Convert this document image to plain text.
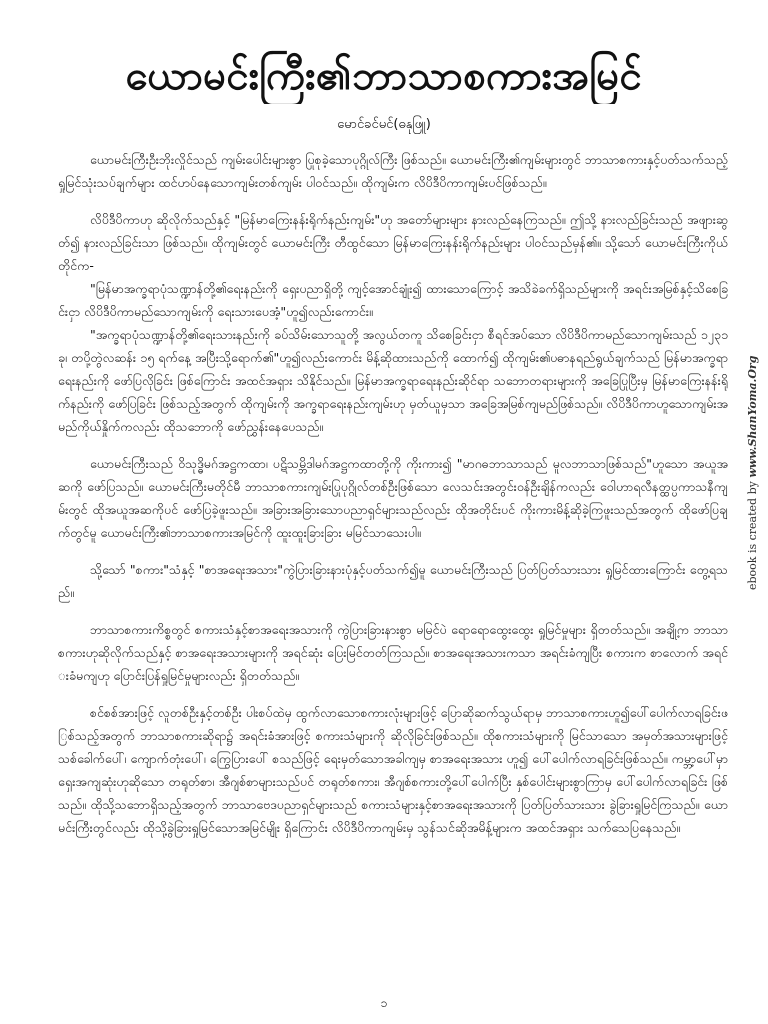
ယောမင်းကြီး၏ဘာသာစကားအမြင်
မောင်ခင်မင်(ဓနုဖြူ)

ယောမင်းကြီးဦးဘိုးလှိုင်သည် ကျမ်းပေါင်းများစွာ ပြုစုခဲ့သောပုဂ္ဂိုလ်ကြီး ဖြစ်သည်။ ယောမင်းကြီး၏ကျမ်းများတွင် ဘာသာစကားနှင့်ပတ်သက်သည့်ရှုမြင်သုံးသပ်ချက်များ ထင်ဟပ်နေသောကျမ်းတစ်ကျမ်း ပါဝင်သည်။ ထိုကျမ်းက လိပိဒီပိကာကျမ်းပင်ဖြစ်သည်။

လိပိဒီပိကာဟု ဆိုလိုက်သည်နှင့် "မြန်မာကြေးနန်းရိုက်နည်းကျမ်း"ဟု အတော်များများ နားလည်နေကြသည်။ ဤသို့ နားလည်ခြင်းသည် အဖျားဆွတ်၍ နားလည်ခြင်းသာ ဖြစ်သည်။ ထိုကျမ်းတွင် ယောမင်းကြီး တီထွင်သော မြန်မာကြေးနန်းရိုက်နည်းများ ပါဝင်သည်မှန်၏။ သို့သော် ယောမင်းကြီးကိုယ်တိုင်က-

"မြန်မာအက္ခရာပုံသဏ္ဍာန်တို့၏ရေးနည်းကို ရှေးပညာရှိတို့ ကျင့်အောင်ချုံး၍ ထားသောကြောင့် အသိခဲခက်ရှိသည်များကို အရင်းအမြစ်နှင့်သိစေခြင်းငှာ လိပိဒီပိကာမည်သောကျမ်းကို ရေးသားပေအံ့"ဟူ၍လည်းကောင်း။

"အက္ခရာပုံသဏ္ဍာန်တို့၏ရေးသားနည်းကို ခပ်သိမ်းသောသူတို့ အလွယ်တကူ သိစေခြင်းငှာ စီရင်အပ်သော လိပိဒီပိကာမည်သောကျမ်းသည် ၁၂၃၁ ခု၊ တပို့တွဲလဆန်း ၁၅ ရက်နေ့ အပြီးသို့ရောက်၏"ဟူ၍လည်းကောင်း မိန့်ဆိုထားသည်ကို ထောက်၍ ထိုကျမ်း၏ပဓာနရည်ရွယ်ချက်သည် မြန်မာအက္ခရာရေးနည်းကို ဖော်ပြလိုခြင်း ဖြစ်ကြောင်း အထင်အရှား သိနိုင်သည်။ မြန်မာအက္ခရာရေးနည်းဆိုင်ရာ သဘောတရားများကို အခြေပြုပြီးမှ မြန်မာကြေးနန်းရိုက်နည်းကို ဖော်ပြခြင်း ဖြစ်သည့်အတွက် ထိုကျမ်းကို အက္ခရာရေးနည်းကျမ်းဟု မှတ်ယူမှသာ အခြေအမြစ်ကျမည်ဖြစ်သည်။ လိပိဒီပိကာဟူသောကျမ်းအမည်ကိုယ်နှိုက်ကလည်း ထိုသဘောကို ဖော်ညွှန်းနေပေသည်။

ယောမင်းကြီးသည် ဝိသုဒ္ဓိမဂ်အဋ္ဌကထာ၊ ပဋိသမ္ဘိဒါမဂ်အဋ္ဌကထာတို့ကို ကိုးကား၍ "မာဂဓဘာသာသည် မူလဘာသာဖြစ်သည်"ဟူသော အယူအဆကို ဖော်ပြသည်။ ယောမင်းကြီးမတိုင်မီ ဘာသာစကားကျမ်းပြုပုဂ္ဂိုလ်တစ်ဦးဖြစ်သော လေသင်းအတွင်းဝန်ဦးချိန်ကလည်း ဝေါဟာရလီနတ္ထပ္ပကာသနီကျမ်းတွင် ထိုအယူအဆကိုပင် ဖော်ပြခဲ့ဖူးသည်။ အခြားအခြားသောပညာရှင်များသည်လည်း ထိုအတိုင်းပင် ကိုးကားမိန့်ဆိုခဲ့ကြဖူးသည်အတွက် ထိုဖော်ပြချက်တွင်မူ ယောမင်းကြီး၏ဘာသာစကားအမြင်ကို ထူးထူးခြားခြား မမြင်သာသေးပါ။

သို့သော် "စကား"သံနှင့် "စာအရေးအသား"ကွဲပြားခြားနားပုံနှင့်ပတ်သက်၍မူ ယောမင်းကြီးသည် ပြတ်ပြတ်သားသား ရှုမြင်ထားကြောင်း တွေ့ရသည်။

ဘာသာစကားကိစ္စတွင် စကားသံနှင့်စာအရေးအသားကို ကွဲပြားခြားနားစွာ မမြင်ပဲ ရောရောထွေးထွေး ရှုမြင်မှုများ ရှိတတ်သည်။ အချို့က ဘာသာစကားဟုဆိုလိုက်သည်နှင့် စာအရေးအသားများကို အရင်ဆုံး ပြေးမြင်တတ်ကြသည်။ စာအရေးအသားကသာ အရင်းခံကျပြီး စကားက စာလောက် အရင်းခံမကျဟု ပြောင်းပြန်ရှုမြင်မှုများလည်း ရှိတတ်သည်။

စင်စစ်အားဖြင့် လူတစ်ဦးနှင့်တစ်ဦး ပါးစပ်ထဲမှ ထွက်လာသောစကားလုံးများဖြင့် ပြောဆိုဆက်သွယ်ရာမှ ဘာသာစကားဟူ၍ပေါ်ပေါက်လာရခြင်းဖြစ်သည့်အတွက် ဘာသာစကားဆိုရာ၌ အရင်းခံအားဖြင့် စကားသံများကို ဆိုလိုခြင်းဖြစ်သည်။ ထိုစကားသံများကို မြင်သာသော အမှတ်အသားများဖြင့် သစ်ခေါက်ပေါ်၊ ကျောက်တုံးပေါ်၊ ကြွေပြားပေါ် စသည်ဖြင့် ရေးမှတ်သောအခါကျမှ စာအရေးအသား ဟူ၍ ပေါ်ပေါက်လာရခြင်းဖြစ်သည်။ ကမ္ဘာ့ပေါ်မှာ ရှေးအကျဆုံးဟုဆိုသော တရုတ်စာ၊ အီဂျစ်စာများသည်ပင် တရုတ်စကား၊ အီဂျစ်စကားတို့ပေါ်ပေါက်ပြီး နှစ်ပေါင်းများစွာကြာမှ ပေါ်ပေါက်လာရခြင်း ဖြစ်သည်။ ထိုသို့သဘောရှိသည့်အတွက် ဘာသာဗေဒပညာရှင်များသည် စကားသံများနှင့်စာအရေးအသားကို ပြတ်ပြတ်သားသား ခွဲခြားရှုမြင်ကြသည်။ ယောမင်းကြီးတွင်လည်း ထိုသို့ခွဲခြားရှုမြင်သောအမြင်မျိုး ရှိကြောင်း လိပိဒီပိကာကျမ်းမှ သွန်သင်ဆိုအမိန့်များက အထင်အရှား သက်သေပြနေသည်။

ebook is created by www.ShanYoma.Org
၁
